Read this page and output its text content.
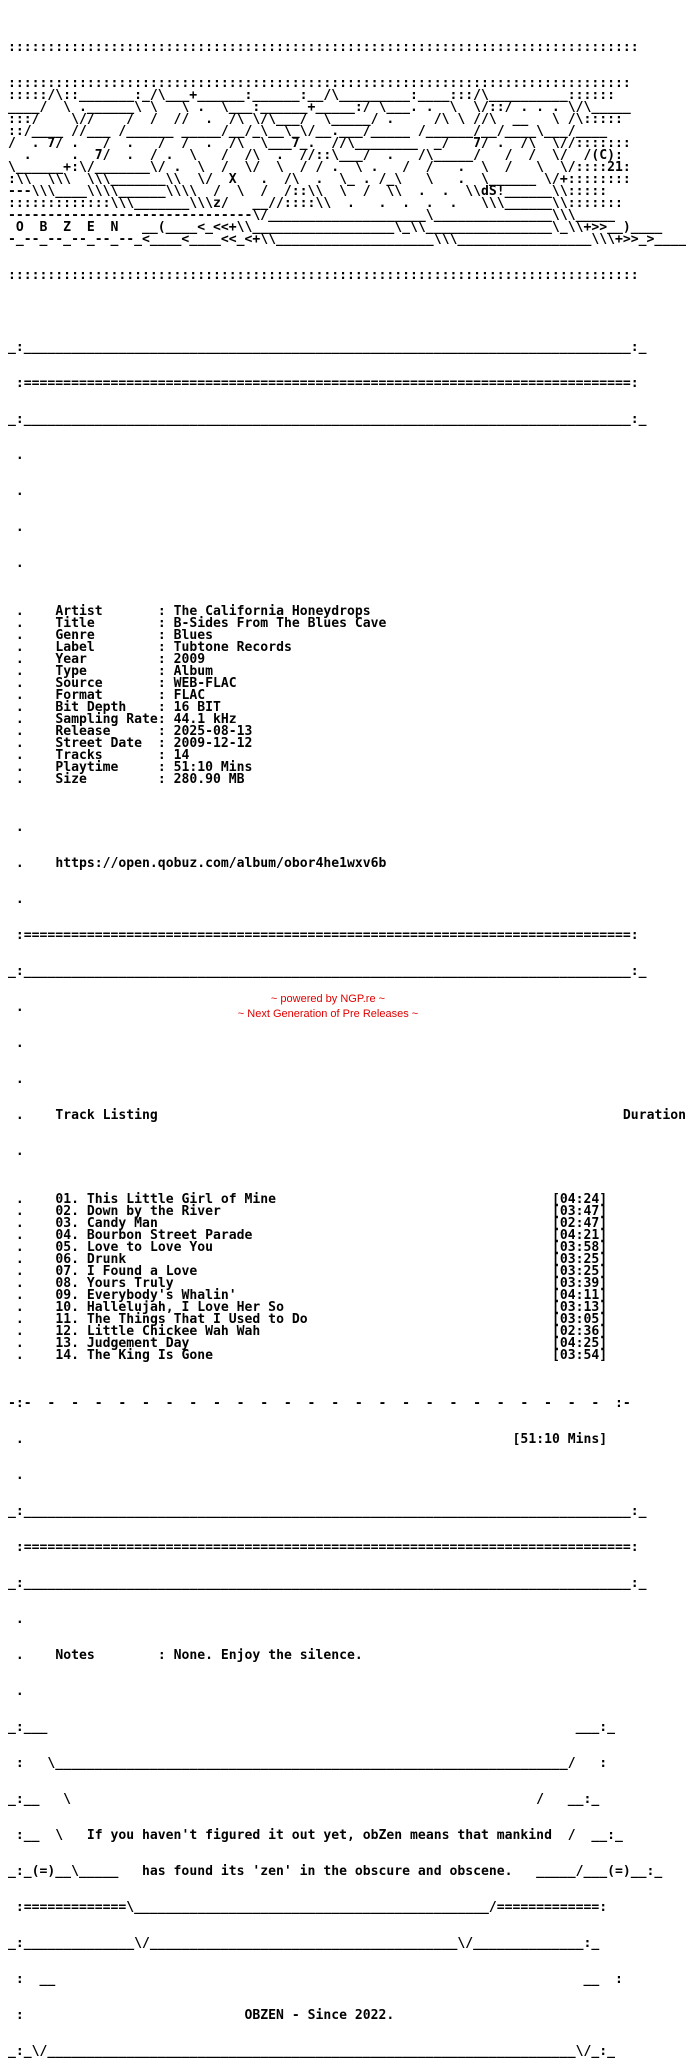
::::::::::::::::::::::::::::::::::::::::::::::::::::::::::::::::::::::::::::::::

:::::::::::::::::::::::::::::::::::::::::::::::::::::::::::::::::::::::::::::::
:::::/\::_______:_/\___+______:______:__/\_________:____:::/\__________::::::
____/  \ .______\ \   \ .  \___:______+_____:/ \___. .  \  \/::/ . . . \/\_____
:::/    \//    /  /  //  .  /\ \/\___/  \_____/ .     /\ \ //\  __   \ /\:::::
::/____ //___ /______ _____/__/_\__\_\/__.___/_____ /______/__/____\___/____
/  . 7/ .   /  .   /  /  .  /\  \___7_.  //\________  _/   7/ .  /\  \//:::::::
.     .  7/  .  / .  \   /  /\  .  //::\___/  .   /\_____/   /  /  \/  /(C):
\______+:\/_______\/ .  \  /  \/  \  / / .  \ .   /  /   .  \  /   \  \/::::21:
:\\  \\\  \\\_______\\  \/  X   .  /\  .  \_ . /_\   \   .  \______ \/+::::::::
---\\\____\\\\______\\\\  /  \  /  /::\\  \  /  \\  .  .  \\dS!______\\:::::
:::::::::::::\\\_______\\\z/   __//::::\\  .   .  .  .  .   \\\______\\:::::::
-------------------------------\/____________________\_______________\\\_____
O  B  Z  E  N   __(____<_<<+\\__________________\_\\________________\_\\+>>__)____
-_--_--_--_--_--_<____<____<<_<+\\____________________\\\_________________\\\+>>_>____

::::::::::::::::::::::::::::::::::::::::::::::::::::::::::::::::::::::::::::::::

_:_____________________________________________________________________________:_

:=============================================================================:

_:_____________________________________________________________________________:_

.

.

.

.

. Artist       : The California Honeydrops
. Title        : B-Sides From The Blues Cave
. Genre        : Blues
. Label        : Tubtone Records
. Year         : 2009
. Type         : Album
. Source       : WEB-FLAC
. Format       : FLAC
. Bit Depth    : 16 BIT
. Sampling Rate: 44.1 kHz
. Release      : 2025-08-13
. Street Date  : 2009-12-12
. Tracks       : 14
. Playtime     : 51:10 Mins
. Size         : 280.90 MB

.

. https://open.qobuz.com/album/obor4he1wxv6b

.

:=============================================================================:

_:_____________________________________________________________________________:_

.

.

.

. Track Listing	Duration

.

. 01. This Little Girl of Mine	[04:24]
. 02. Down by the River	[03:47]
. 03. Candy Man	[02:47]
. 04. Bourbon Street Parade	[04:21]
. 05. Love to Love You	[03:58]
. 06. Drunk	[03:25]
. 07. I Found a Love	[03:25]
. 08. Yours Truly	[03:39]
. 09. Everybody's Whalin'	[04:11]
. 10. Hallelujah, I Love Her So	[03:13]
. 11. The Things That I Used to Do	[03:05]
. 12. Little Chickee Wah Wah	[02:36]
. 13. Judgement Day	[04:25]
. 14. The King Is Gone	[03:54]

-:-  -  -  -  -  -  -  -  -  -  -  -  -  -  -  -  -  -  -  -  -  -  -  -  -  :-

.	[51:10 Mins]

.

_:_____________________________________________________________________________:_

:=============================================================================:

_:_____________________________________________________________________________:_

.

. Notes        : None. Enjoy the silence.

.

_:___                                                                   ___:_

:   \_________________________________________________________________/   :

_:__   \                                                           /   __:_

:__  \   If you haven't figured it out yet, obZen means that mankind  /  __:_

_:_(=)__\_____   has found its 'zen' in the obscure and obscene.   _____/___(=)__:_

:=============\_____________________________________________/=============:

_:______________\/_______________________________________\/______________:_

:  __                                                                   __  :

:	OBZEN - Since 2022.

_:_\/___________________________________________________________________\/_:_

~ powered by NGP.re ~
~ Next Generation of Pre Releases ~
